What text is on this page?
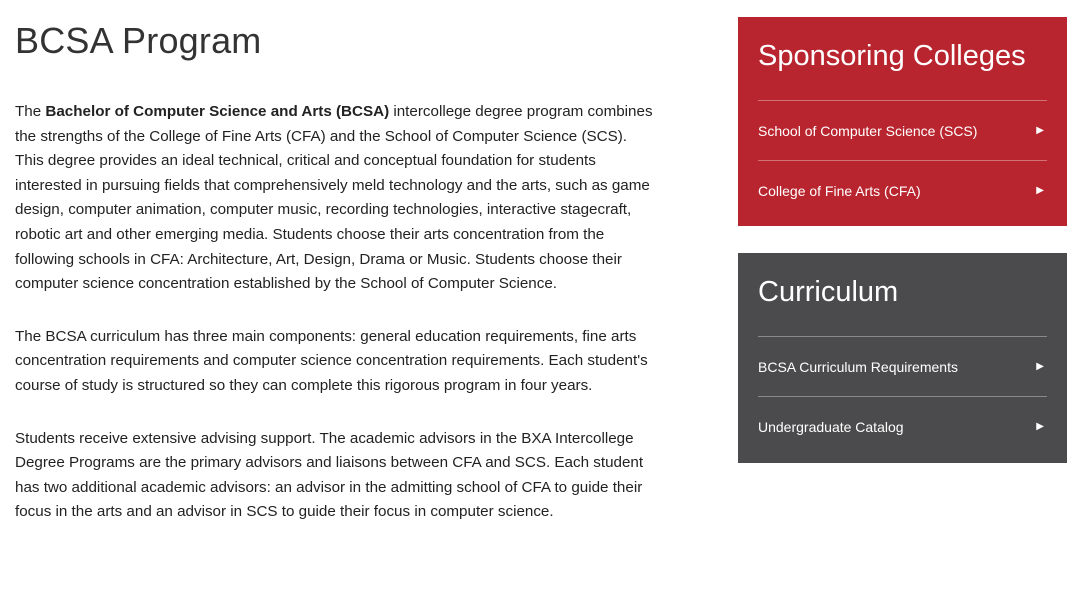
BCSA Program

The Bachelor of Computer Science and Arts (BCSA) intercollege degree program combines the strengths of the College of Fine Arts (CFA) and the School of Computer Science (SCS). This degree provides an ideal technical, critical and conceptual foundation for students interested in pursuing fields that comprehensively meld technology and the arts, such as game design, computer animation, computer music, recording technologies, interactive stagecraft, robotic art and other emerging media. Students choose their arts concentration from the following schools in CFA: Architecture, Art, Design, Drama or Music. Students choose their computer science concentration established by the School of Computer Science.

The BCSA curriculum has three main components: general education requirements, fine arts concentration requirements and computer science concentration requirements. Each student's course of study is structured so they can complete this rigorous program in four years.

Students receive extensive advising support. The academic advisors in the BXA Intercollege Degree Programs are the primary advisors and liaisons between CFA and SCS. Each student has two additional academic advisors: an advisor in the admitting school of CFA to guide their focus in the arts and an advisor in SCS to guide their focus in computer science.

Sponsoring Colleges
School of Computer Science (SCS)	▶
College of Fine Arts (CFA)	▶
Curriculum
BCSA Curriculum Requirements	▶
Undergraduate Catalog	▶
